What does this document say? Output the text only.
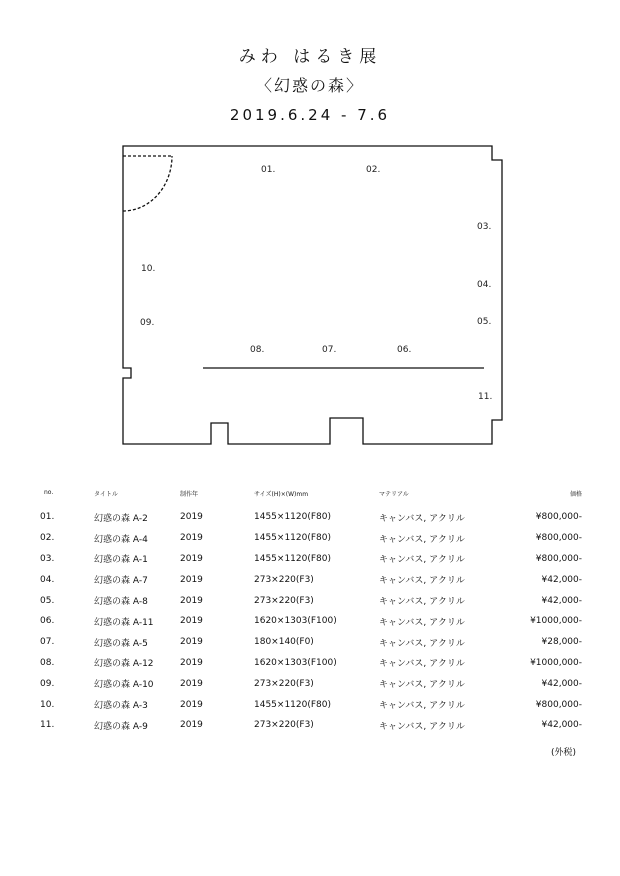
みわ はるき展
〈幻惑の森〉
2019.6.24 - 7.6
01.	02.
03.
04.
05.
06.
07.
08.
09.
10.
11.
no.	タイトル	制作年	サイズ(H)×(W)mm	マテリアル	価格
01.	幻惑の森 A-2	2019	1455×1120(F80)	キャンバス, アクリル	¥800,000-
02.	幻惑の森 A-4	2019	1455×1120(F80)	キャンバス, アクリル	¥800,000-
03.	幻惑の森 A-1	2019	1455×1120(F80)	キャンバス, アクリル	¥800,000-
04.	幻惑の森 A-7	2019	273×220(F3)	キャンバス, アクリル	¥42,000-
05.	幻惑の森 A-8	2019	273×220(F3)	キャンバス, アクリル	¥42,000-
06.	幻惑の森 A-11	2019	1620×1303(F100)	キャンバス, アクリル	¥1000,000-
07.	幻惑の森 A-5	2019	180×140(F0)	キャンバス, アクリル	¥28,000-
08.	幻惑の森 A-12	2019	1620×1303(F100)	キャンバス, アクリル	¥1000,000-
09.	幻惑の森 A-10	2019	273×220(F3)	キャンバス, アクリル	¥42,000-
10.	幻惑の森 A-3	2019	1455×1120(F80)	キャンバス, アクリル	¥800,000-
11.	幻惑の森 A-9	2019	273×220(F3)	キャンバス, アクリル	¥42,000-
(外税)
